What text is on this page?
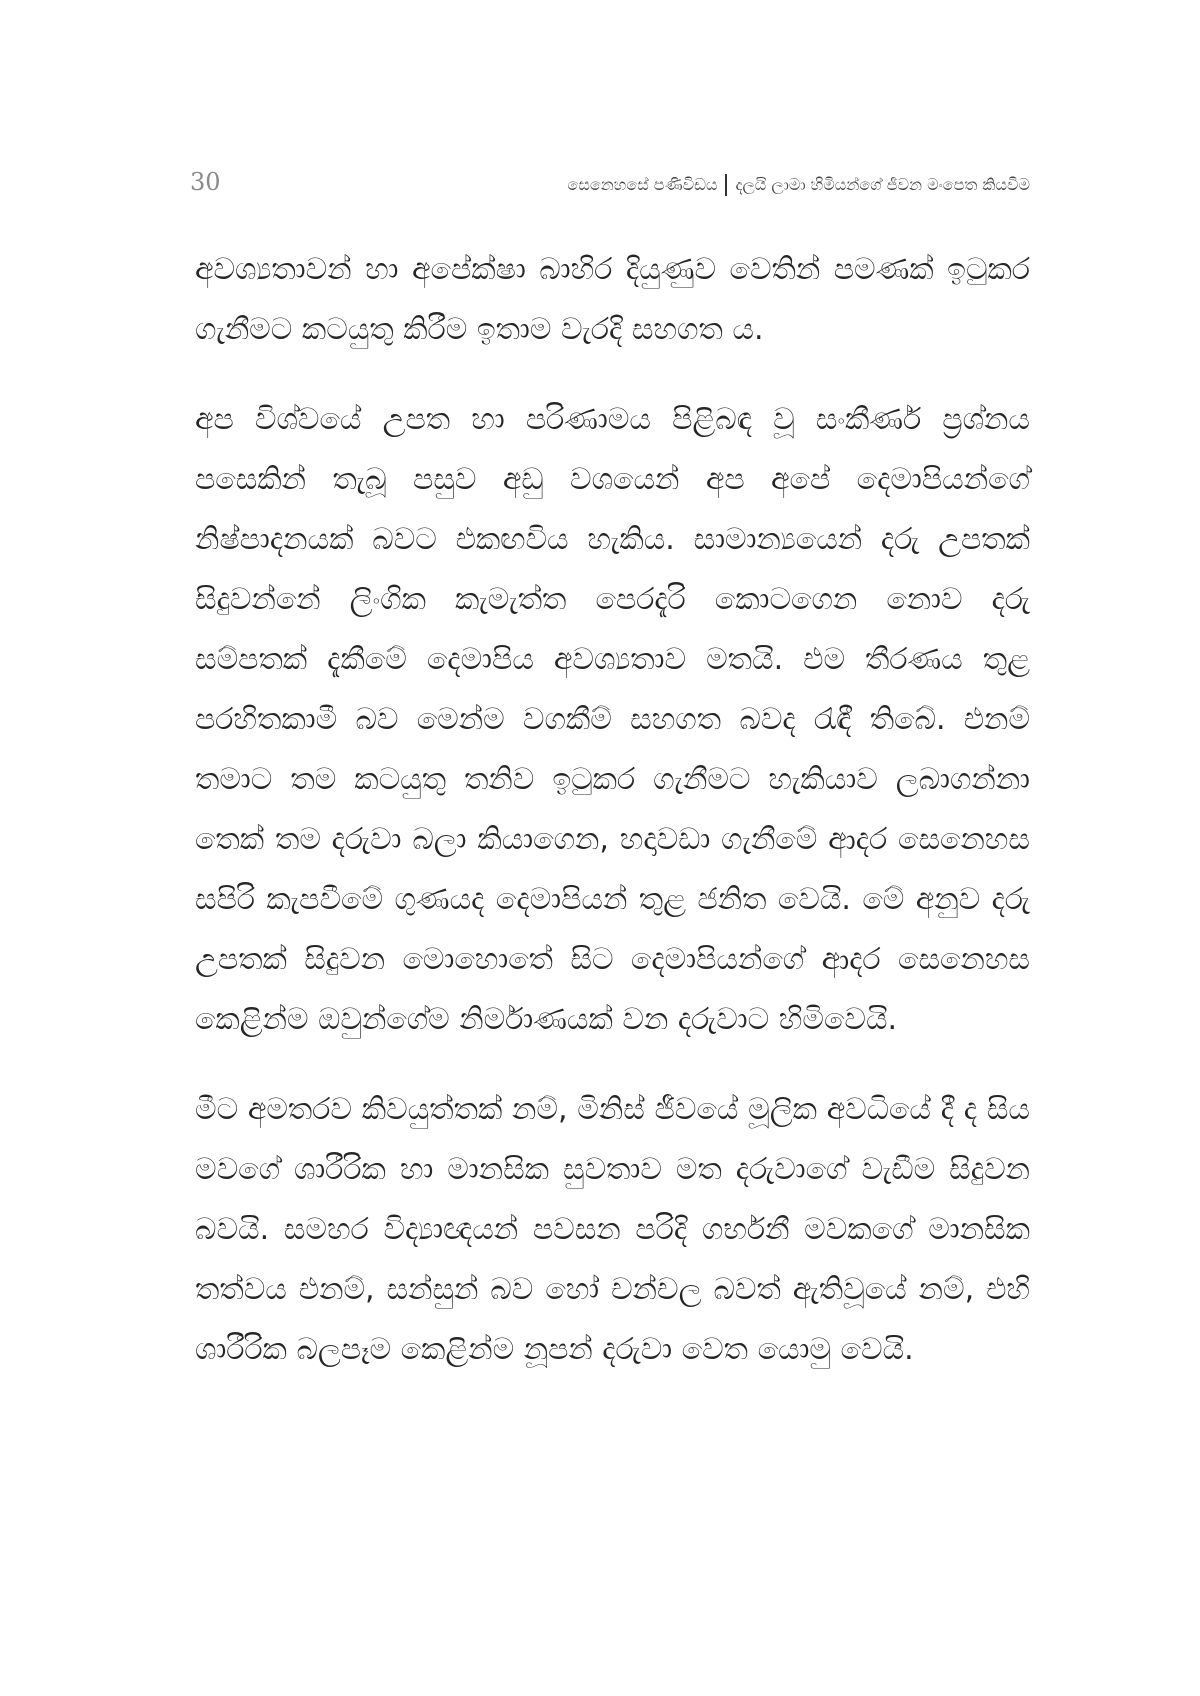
30	සෙනෙහසේ පණිවිඩය දලයි ලාමා හිමියන්ගේ ජීවන මංපෙත කියවීම

අවශ්‍යතාවන් හා අපේක්ෂා බාහිර දියුණුව වෙතින් පමණක් ඉටුකර ගැනීමට කටයුතු කිරීම ඉතාම වැරදි සහගත ය.

අප විශ්වයේ උපත හා පරිණාමය පිළිබඳ වූ සංකීර්ණ ප්‍රශ්නය පසෙකින් තැබූ පසුව අඩු වශයෙන් අප අපේ දෙමාපියන්ගේ නිෂ්පාදනයක් බවට එකඟවිය හැකිය. සාමාන්‍යයෙන් දරු උපතක් සිදුවන්නේ ලිංගික කැමැත්ත පෙරදැරි කොටගෙන නොව දරු සම්පතක් දැකීමේ දෙමාපිය අවශ්‍යතාව මතයි. එම තීරණය තුළ පරහිතකාමී බව මෙන්ම වගකීම් සහගත බවද රැඳී තිබේ. එනම් තමාට තම කටයුතු තනිව ඉටුකර ගැනීමට හැකියාව ලබාගන්නා තෙක් තම දරුවා බලා කියාගෙන, හදාවඩා ගැනීමේ ආදර සෙනෙහස සපිරි කැපවීමේ ගුණයද දෙමාපියන් තුළ ජනිත වෙයි. මේ අනුව දරු උපතක් සිදුවන මොහොතේ සිට දෙමාපියන්ගේ ආදර සෙනෙහස කෙළින්ම ඔවුන්ගේම නිර්මාණයක් වන දරුවාට හිමිවෙයි.

මීට අමතරව කිවයුත්තක් නම්, මිනිස් ජීවයේ මූලික අවධියේ දී ද සිය මවගේ ශාරීරික හා මානසික සුවතාව මත දරුවාගේ වැඩීම සිදුවන බවයි. සමහර විද්‍යාඥයන් පවසන පරිදි ගර්භනී මවකගේ මානසික තත්වය එනම්, සන්සුන් බව හෝ චන්චල බවත් ඇතිවූයේ නම්, එහි ශාරීරික බලපෑම කෙළින්ම නූපන් දරුවා වෙත යොමු වෙයි.
